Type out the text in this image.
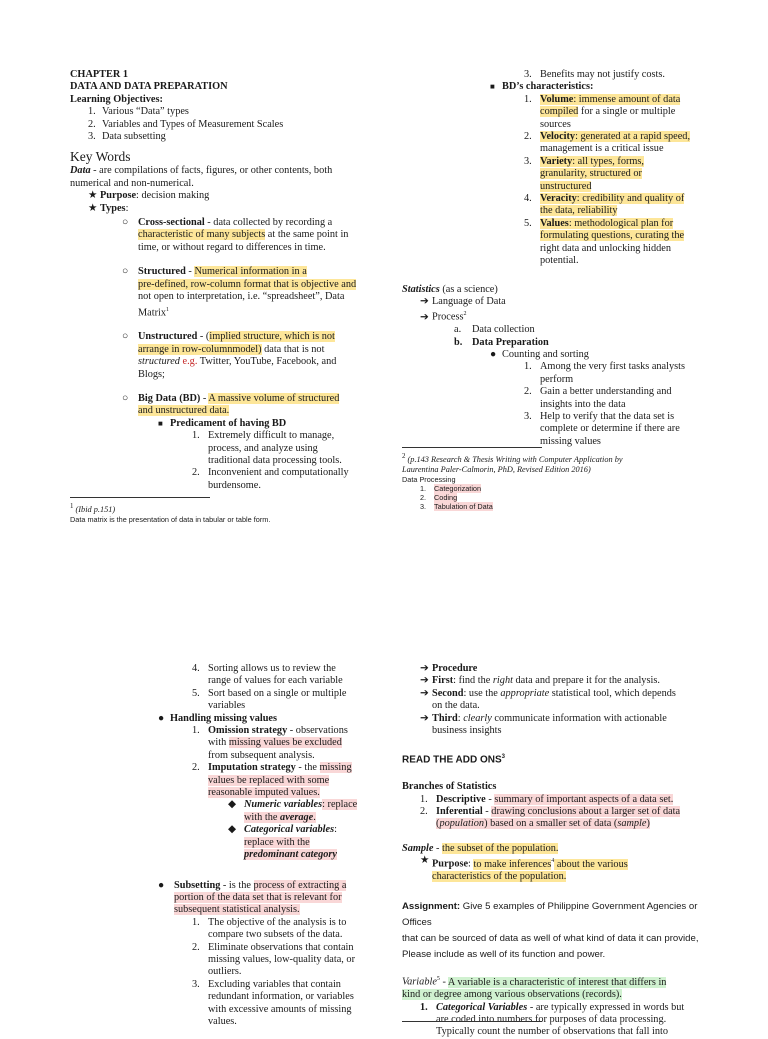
CHAPTER 1
DATA AND DATA PREPARATION
Learning Objectives:
1. Various “Data” types
2. Variables and Types of Measurement Scales
3. Data subsetting
Key Words
Data - are compilations of facts, figures, or other contents, both
numerical and non-numerical.
★ Purpose: decision making
★ Types:
○ Cross-sectional - data collected by recording a
characteristic of many subjects at the same point in
time, or without regard to differences in time.
○ Structured - Numerical information in a
pre-defined, row-column format that is objective and
not open to interpretation, i.e. “spreadsheet”, Data
Matrix$^1$
○ Unstructured - (implied structure, which is not
arrange in row-columnmodel) data that is not
structured e.g. Twitter, YouTube, Facebook, and
Blogs;
○ Big Data (BD) - A massive volume of structured
and unstructured data.
■ Predicament of having BD
1. Extremely difficult to manage,
process, and analyze using
traditional data processing tools.
2. Inconvenient and computationally
burdensome.
$^1$ (Ibid p.151)
Data matrix is the presentation of data in tabular or table form.
3. Benefits may not justify costs.
■ BD’s characteristics:
1. Volume: immense amount of data
compiled for a single or multiple
sources
2. Velocity: generated at a rapid speed,
management is a critical issue
3. Variety: all types, forms,
granularity, structured or
unstructured
4. Veracity: credibility and quality of
the data, reliability
5. Values: methodological plan for
formulating questions, curating the
right data and unlocking hidden
potential.
Statistics (as a science)
➔ Language of Data
➔ Process$^2$
a. Data collection
b. Data Preparation
● Counting and sorting
1. Among the very first tasks analysts
perform
2. Gain a better understanding and
insights into the data
3. Help to verify that the data set is
complete or determine if there are
missing values
$^2$ (p.143 Research & Thesis Writing with Computer Application by
Laurentina Paler-Calmorin, PhD, Revised Edition 2016)
Data Processing
1. Categorization
2. Coding
3. Tabulation of Data
4. Sorting allows us to review the
range of values for each variable
5. Sort based on a single or multiple
variables
● Handling missing values
1. Omission strategy - observations
with missing values be excluded
from subsequent analysis.
2. Imputation strategy - the missing
values be replaced with some
reasonable imputed values.
◆ Numeric variables: replace
with the average.
◆ Categorical variables:
replace with the
predominant category
● Subsetting - is the process of extracting a
portion of the data set that is relevant for
subsequent statistical analysis.
1. The objective of the analysis is to
compare two subsets of the data.
2. Eliminate observations that contain
missing values, low-quality data, or
outliers.
3. Excluding variables that contain
redundant information, or variables
with excessive amounts of missing
values.
➔ Procedure
➔ First: find the right data and prepare it for the analysis.
➔ Second: use the appropriate statistical tool, which depends
on the data.
➔ Third: clearly communicate information with actionable
business insights
READ THE ADD ONS$^3$
Branches of Statistics
1. Descriptive - summary of important aspects of a data set.
2. Inferential - drawing conclusions about a larger set of data
(population) based on a smaller set of data (sample)
Sample - the subset of the population.
★ Purpose: to make inferences$^4$ about the various
characteristics of the population.
Assignment: Give 5 examples of Philippine Government Agencies or Offices
that can be sourced of data as well of what kind of data it can provide,
Please include as well of its function and power.
Variable$^5$ - A variable is a characteristic of interest that differs in
kind or degree among various observations (records).
1. Categorical Variables - are typically expressed in words but
are coded into numbers for purposes of data processing.
Typically count the number of observations that fall into
